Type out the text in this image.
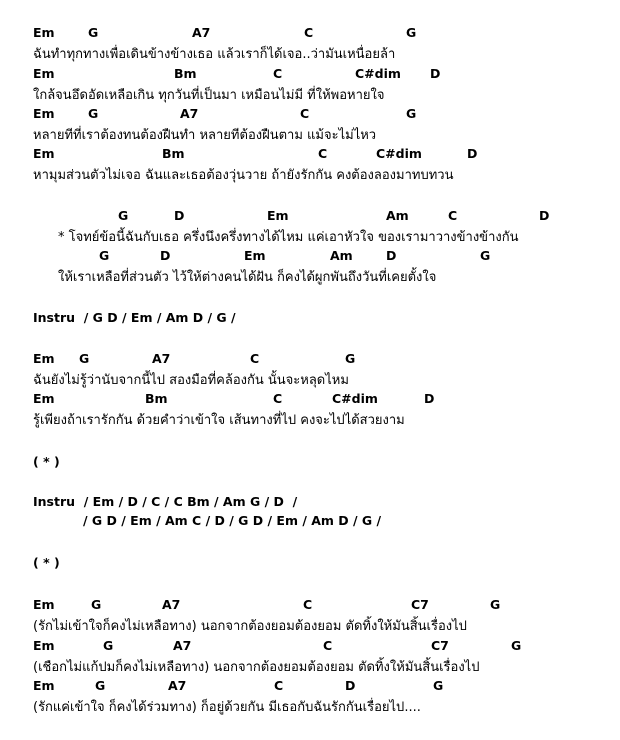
Instru  / G D / Em / Am D / G /
( * )
Instru  / Em / D / C / C Bm / Am G / D  /
/ G D / Em / Am C / D / G D / Em / Am D / G /
( * )
Em	G	A7	C	G
ฉันทำทุกทางเพื่อเดินข้างข้างเธอ แล้วเราก็ได้เจอ..ว่ามันเหนื่อยล้า
Em	Bm	C	C#dim D
ใกล้จนอึดอัดเหลือเกิน ทุกวันที่เป็นมา เหมือนไม่มี ที่ให้พอหายใจ
Em	G	A7	C	G
หลายทีที่เราต้องทนต้องฝืนทำ หลายทีต้องฝืนตาม แม้จะไม่ไหว
Em	Bm	C	C#dim	D
หามุมส่วนตัวไม่เจอ ฉันและเธอต้องวุ่นวาย ถ้ายังรักกัน คงต้องลองมาทบทวน
G	D	Em	Am	C	D
* โจทย์ข้อนี้ฉันกับเธอ ครึ่งนึงครึ่งทางได้ไหม แค่เอาหัวใจ ของเรามาวางข้างข้างกัน
G	D	Em	Am	D	G
ให้เราเหลือที่ส่วนตัว ไว้ให้ต่างคนได้ฝัน ก็คงได้ผูกพันถึงวันที่เคยตั้งใจ
Em G	A7	C	G
ฉันยังไม่รู้ว่านับจากนี้ไป สองมือที่คล้องกัน นั้นจะหลุดไหม
Em	Bm	C	C#dim	D
รู้เพียงถ้าเรารักกัน ด้วยคำว่าเข้าใจ เส้นทางที่ไป คงจะไปได้สวยงาม
Em	G	A7	C	C7	G
(รักไม่เข้าใจก็คงไม่เหลือทาง) นอกจากต้องยอมต้องยอม ตัดทิ้งให้มันสิ้นเรื่องไป
Em	G	A7	C	C7	G
(เชือกไม่แก้ปมก็คงไม่เหลือทาง) นอกจากต้องยอมต้องยอม ตัดทิ้งให้มันสิ้นเรื่องไป
Em	G	A7	C	D	G
(รักแค่เข้าใจ ก็คงได้ร่วมทาง) ก็อยู่ด้วยกัน มีเธอกับฉันรักกันเรื่อยไป....
